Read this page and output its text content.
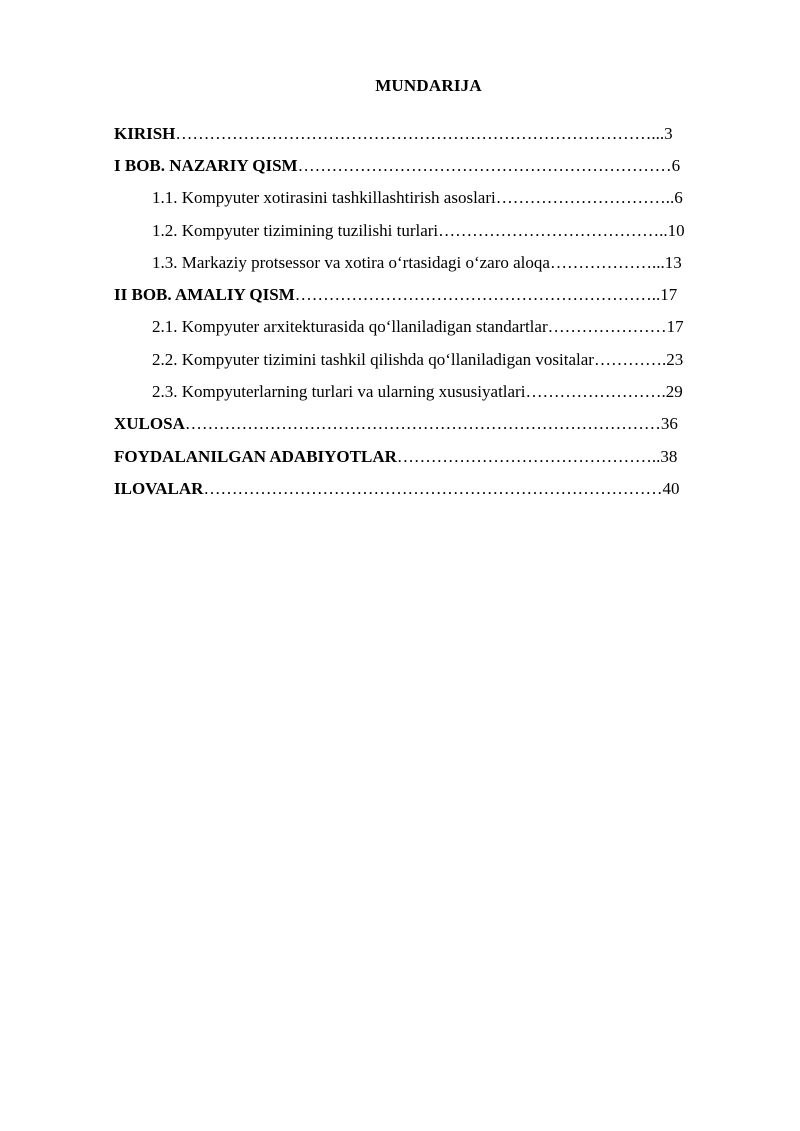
MUNDARIJA
KIRISH…………………………………………………………………………...3
I BOB. NAZARIY QISM…………………………………………………………6
1.1. Kompyuter xotirasini tashkillashtirish asoslari…………………………..6
1.2. Kompyuter tizimining tuzilishi turlari…………………………………..10
1.3. Markaziy protsessor va xotira o‘rtasidagi o‘zaro aloqa………………...13
II BOB. AMALIY QISM………………………………………………………..17
2.1. Kompyuter arxitekturasida qo‘llaniladigan standartlar…………………17
2.2. Kompyuter tizimini tashkil qilishda qo‘llaniladigan vositalar………….23
2.3. Kompyuterlarning turlari va ularning xususiyatlari…………………….29
XULOSA…………………………………………………………………………36
FOYDALANILGAN ADABIYOTLAR………………………………………..38
ILOVALAR………………………………………………………………………40
